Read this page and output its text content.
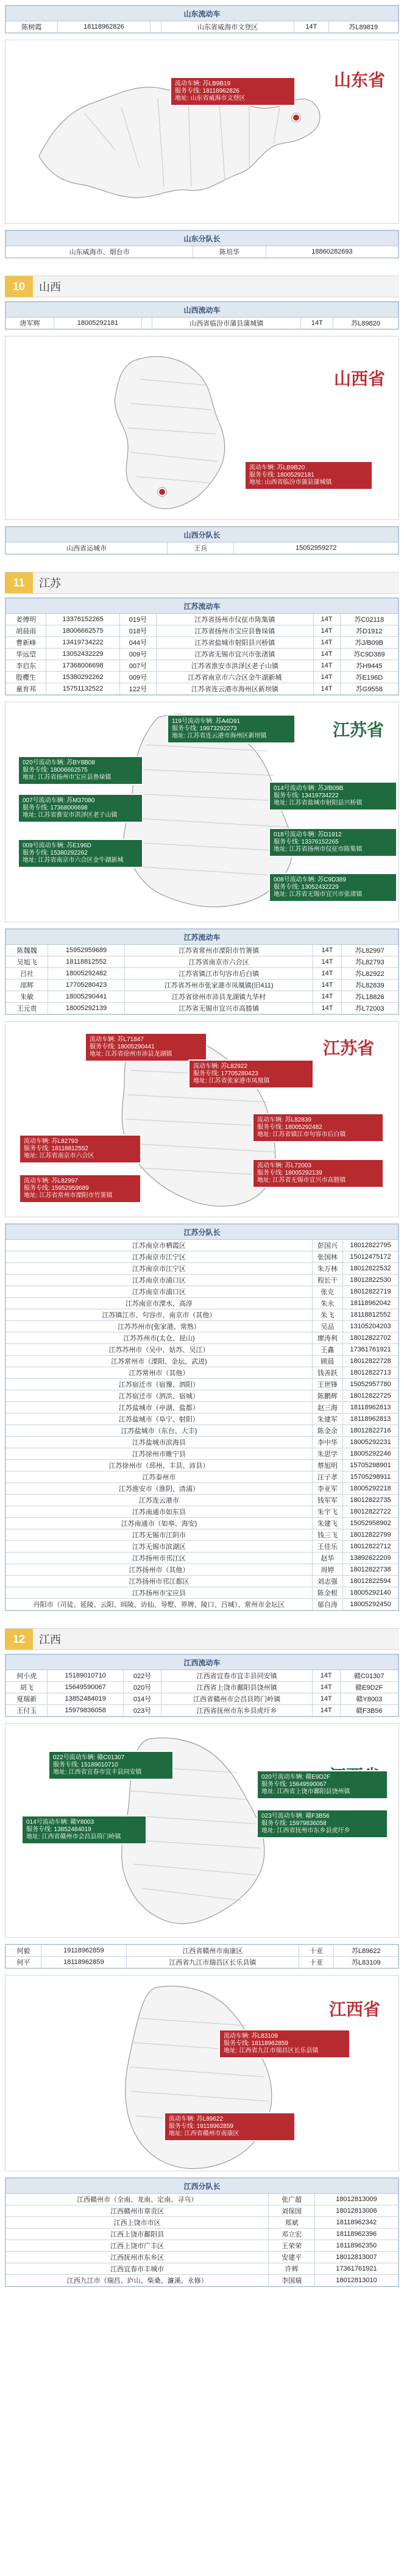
山东流动车
陈树霞	18118962826		山东省威海市文登区	14T	苏L89819
山东省
流动车辆: 苏LB9B19
服务专线: 18118962826
地址: 山东省威海市文登区
山东分队长
山东威海市、烟台市	陈培华	18860282693
10	山西
山西流动车
唐军辉	18005292181		山西省临汾市蒲县蒲城镇	14T	苏L89820
山西省
流动车辆: 苏LB9B20
服务专线: 18005292181
地址: 山西省临汾市蒲县蒲城镇
山西分队长
山西省运城市	王兵	15052959272
11	江苏
江苏流动车					
姜傅明	13376152265	019号	江苏省扬州市仪征市陈集镇	14T	苏C02118
胡晨雨	18006662575	018号	江苏省扬州市宝应县鲁垛镇	14T	苏D1912
曹新峰	13419734222	044号	江苏省盐城市射阳县兴桥镇	14T	苏J/B09B
华远望	13052432229	009号	江苏省无锡市宜兴市张渚镇	14T	苏C9D389
李启东	17368006698	007号	江苏省淮安市洪泽区老子山镇	14T	苏H9445
殷樱生	15380292262	009号	江苏省南京市六合区金牛湖新城	14T	苏E196D
童育邦	15751132522	122号	江苏省连云港市海州区新坝镇	14T	苏G9558
江苏省
119号流动车辆: 苏A4D91
服务专线: 19973292273
地址: 江苏省连云港市海州区新坝镇
020号流动车辆: 苏BY8B08
服务专线: 18006662575
地址: 江苏省扬州市宝应县鲁垛镇
007号流动车辆: 苏M37080
服务专线: 17368006698
地址: 江苏省淮安市洪泽区老子山镇
014号流动车辆: 苏J/B09B
服务专线: 13419734222
地址: 江苏省盐城市射阳县兴桥镇
018号流动车辆: 苏D1912
服务专线: 13376152265
地址: 江苏省扬州市仪征市陈集镇
009号流动车辆: 苏E196D
服务专线: 15380292262
地址: 江苏省南京市六合区金牛湖新城
008号流动车辆: 苏C9D389
服务专线: 13052432229
地址: 江苏省无锡市宜兴市张渚镇
江苏流动车				
陈魏魏	15952959689	江苏省常州市溧阳市竹箦镇	14T	苏L82997
吴旭飞	18118812552	江苏省南京市六合区	14T	苏L82793
吕社	18005292482	江苏省镇江市句容市后白镇	14T	苏L82922
邵辉	17705280423	江苏省苏州市张家港市凤凰镇(旧411)	14T	苏L82839
朱敏	18005290441	江苏省徐州市沛县龙湖镇九华村	14T	苏L18826
王元贵	18005292139	江苏省无锡市宜兴市高塍镇	14T	苏L72003
江苏省
流动车辆: 苏L71847
服务专线: 18005290441
地址: 江苏省徐州市沛县龙湖镇
流动车辆: 苏L82922
服务专线: 17705280423
地址: 江苏省张家港市凤凰镇
流动车辆: 苏L82793
服务专线: 18118812552
地址: 江苏省南京市六合区
流动车辆: 苏L82997
服务专线: 15952959689
地址: 江苏省常州市溧阳市竹箦镇
流动车辆: 苏L72003
服务专线: 18005292139
地址: 江苏省无锡市宜兴市高塍镇
流动车辆: 苏L82839
服务专线: 18005292482
地址: 江苏省镇江市句容市后白镇
江苏分队长		
江苏南京市栖霞区	彭国兴	18012822795
江苏南京市江宁区	张国林	15012475172
江苏南京市江宁区	朱万林	18012822532
江苏南京市浦口区	程长干	18012822530
江苏南京市浦口区	张克	18012822719
江苏南京市溧水、高淳	朱永	18118962042
江苏镇江市、句容市、南京市（其他）	朱飞	18118812552
江苏苏州市(张家港、常熟）	吴品	13105204203
江苏苏州市(太仓、昆山)	廖涛利	18012822702
江苏苏州市（吴中、姑苏、吴江）	王鑫	17361761921
江苏常州市（溧阳、金坛、武进)	顾晨	18012822728
江苏常州市（其他）	钱善跃	18012822713
江苏宿迁市（宿豫、泗阳）	王世锋	15052957780
江苏宿迁市（泗洪、宿城）	陈鹏辉	18012822725
江苏盐城市（亭湖、盐都）	赵三海	18118962813
江苏盐城市（阜宁、射阳）	朱建军	18118962813
江苏盐城市（东台、大丰)	陈金余	18012822716
江苏盐城市滨海县	李中华	18005292231
江苏徐州市睢宁县	朱思学	18005292246
江苏徐州市（邳州、丰县、沛县）	蔡旭明	15705298901
江苏泰州市	汪子孝	15705298911
江苏淮安市（淮阴、清浦）	李亚军	18005292218
江苏连云港市	钱军军	18012822735
江苏南通市如东县	朱宇飞	18012822722
江苏南通市（如皋、海安)	朱建飞	15052958902
江苏无锡市江阴市	钱三飞	18012822799
江苏无锡市滨湖区	王佳乐	18012822712
江苏扬州市邗江区	赵华	13892622209
江苏扬州市（其他）	周婷	18012822738
江苏扬州市邗江都区	刘志强	18012822594
江苏扬州市宝应县	陈金根	18005292140
丹阳市（司徒、延陵、云阳、珥陵、访仙、导墅、界牌、陵口、吕城）、常州市金坛区	郁自涛	18005292450
12	江西
江西流动车					
何小虎	15189010710	022号	江西省宜春市宜丰县同安镇	14T	赣C01307
胡飞	15649590067	020号	江西省上饶市鄱阳县饶州镇	14T	赣E9D2F
夏瑞新	13852484019	014号	江西省赣州市会昌县筠门岭镇	14T	赣Y8003
王付玉	15979836058	023号	江西省抚州市东乡县虎圩乡	14T	赣F3B56
022号流动车辆: 赣C01307
服务专线: 15189010710
地址: 江西省宜春市宜丰县同安镇
020号流动车辆: 赣E9D2F
服务专线: 15649590067
地址: 江西省上饶市鄱阳县饶州镇
023号流动车辆: 赣F3B56
服务专线: 15979836058
地址: 江西省抚州市东乡县虎圩乡
014号流动车辆: 赣Y8003
服务专线: 13852484019
地址: 江西省赣州市会昌县筠门岭镇
何毅	19118962859	江西省赣州市南康区	十亚	苏L89622
何平	18118962859	江西省九江市瑞昌区长乐县镇	十亚	苏L83109
江西省
流动车辆: 苏L83109
服务专线: 18118962859
地址: 江西省九江市瑞昌区长乐县镇
流动车辆: 苏L89622
服务专线: 19118962859
地址: 江西省赣州市南康区
江西分队长		
江西赣州市（全南、龙南、定南、寻乌）	张广超	18012813009
江西赣州市章贡区	刘保国	18012813006
江西上饶市市区	郑斌	18118962342
江西上饶市鄱阳县	邓立宏	18118962396
江西上饶市广丰区	王荣荣	18118962350
江西抚州市东乡区	安建平	18012813007
江西宜春市丰城市	许辉	17361761921
江西九江市（瑞昌、庐山、柴桑、濂溪、永修）	李国瑞	18012813010
